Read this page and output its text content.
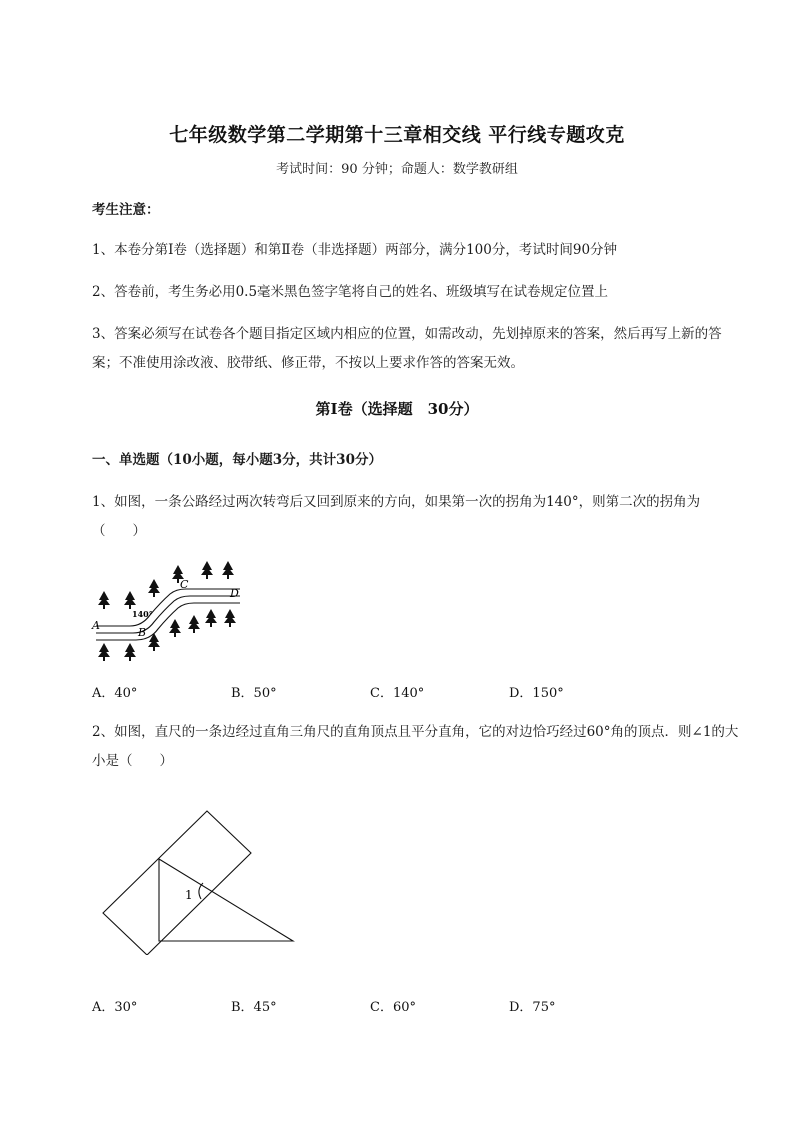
七年级数学第二学期第十三章相交线 平行线专题攻克
考试时间：90 分钟；命题人：数学教研组
考生注意：
1、本卷分第I卷（选择题）和第Ⅱ卷（非选择题）两部分，满分100分，考试时间90分钟
2、答卷前，考生务必用0.5毫米黑色签字笔将自己的姓名、班级填写在试卷规定位置上
3、答案必须写在试卷各个题目指定区域内相应的位置，如需改动，先划掉原来的答案，然后再写上新的答案；不准使用涂改液、胶带纸、修正带，不按以上要求作答的答案无效。
第I卷（选择题　30分）
一、单选题（10小题，每小题3分，共计30分）
1、如图，一条公路经过两次转弯后又回到原来的方向，如果第一次的拐角为140°，则第二次的拐角为（　　）
A
B
C
D
140°
A．40°	B．50°	C．140°	D．150°
2、如图，直尺的一条边经过直角三角尺的直角顶点且平分直角，它的对边恰巧经过60°角的顶点．则∠1的大小是（　　）
1
A．30°	B．45°	C．60°	D．75°
